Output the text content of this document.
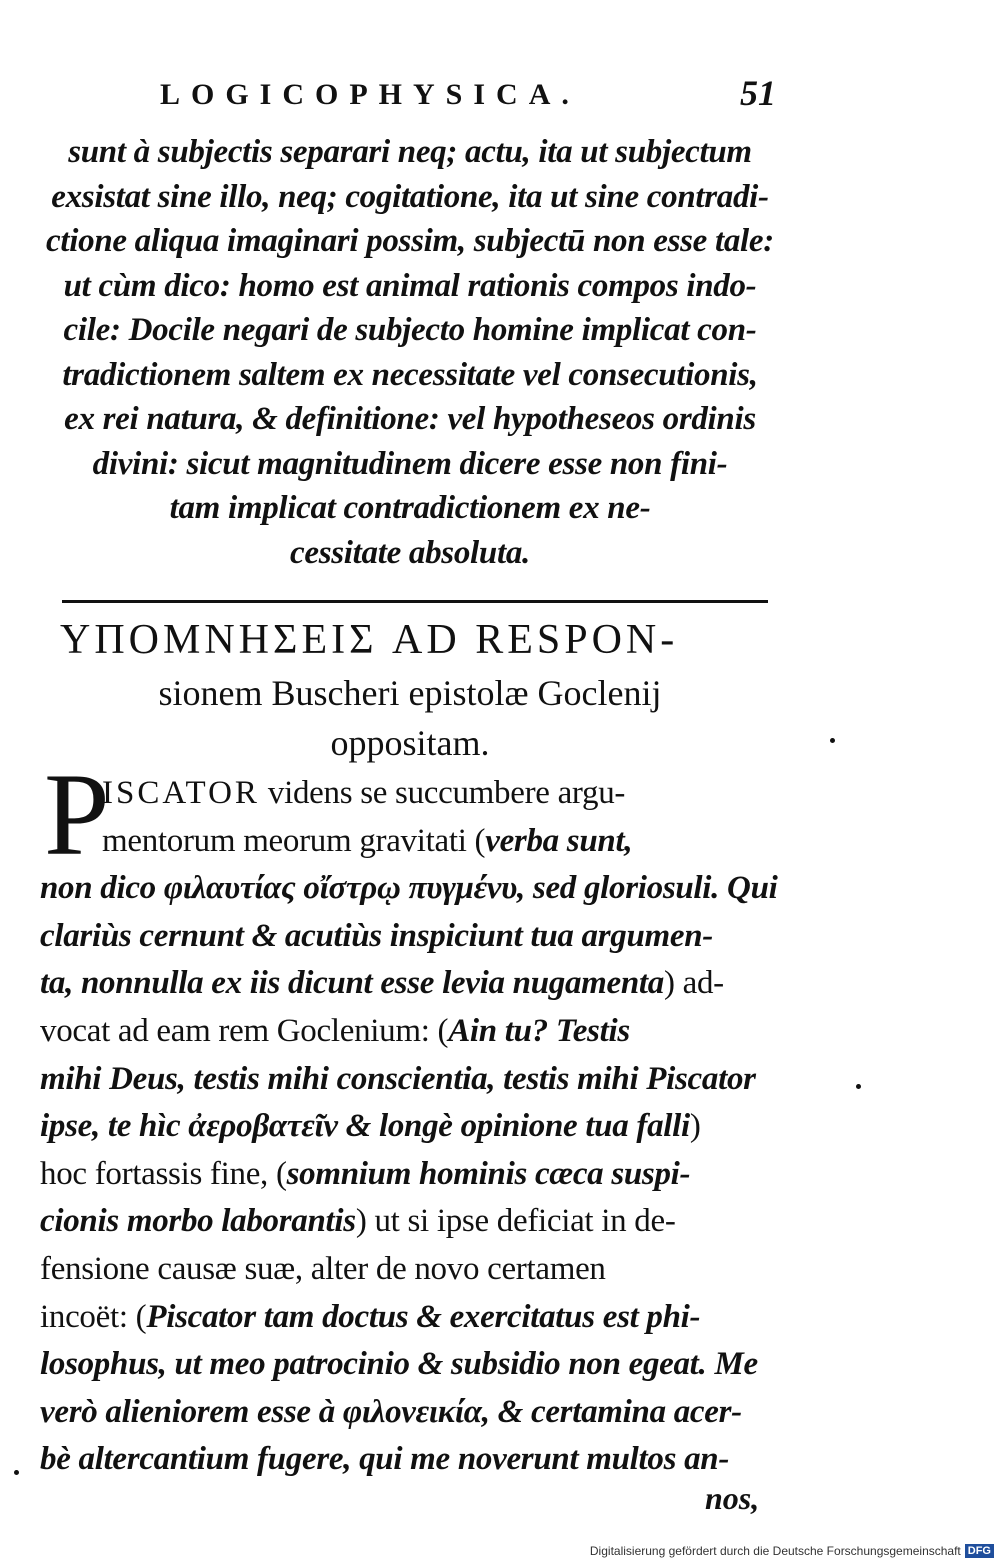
LOGICOPHYSICA.	51
sunt à subjectis separari neq; actu, ita ut subjectum
exsistat sine illo, neq; cogitatione, ita ut sine contradi-
ctione aliqua imaginari possim, subjectū non esse tale:
ut cùm dico: homo est animal rationis compos indo-
cile: Docile negari de subjecto homine implicat con-
tradictionem saltem ex necessitate vel consecutionis,
ex rei natura, & definitione: vel hypotheseos ordinis
divini: sicut magnitudinem dicere esse non fini-
tam implicat contradictionem ex ne-
cessitate absoluta.
ΥΠΟΜΝΗΣΕΙΣ AD RESPON-
sionem Buscheri epistolæ Goclenij
oppositam.
P
ISCATOR videns se succumbere argu-
mentorum meorum gravitati (verba sunt,
non dico φιλαυτίας οἴστρῳ πυγμένυ, sed gloriosuli. Qui
clariùs cernunt & acutiùs inspiciunt tua argumen-
ta, nonnulla ex iis dicunt esse levia nugamenta) ad-
vocat ad eam rem Goclenium: (Ain tu? Testis
mihi Deus, testis mihi conscientia, testis mihi Piscator
ipse, te hìc ἀεροβατεῖν & longè opinione tua falli)
hoc fortassis fine, (somnium hominis cæca suspi-
cionis morbo laborantis) ut si ipse deficiat in de-
fensione causæ suæ, alter de novo certamen
incoët: (Piscator tam doctus & exercitatus est phi-
losophus, ut meo patrocinio & subsidio non egeat. Me
verò alieniorem esse à φιλονεικία, & certamina acer-
bè altercantium fugere, qui me noverunt multos an-
nos,
Digitalisierung gefördert durch die Deutsche Forschungsgemeinschaft DFG
